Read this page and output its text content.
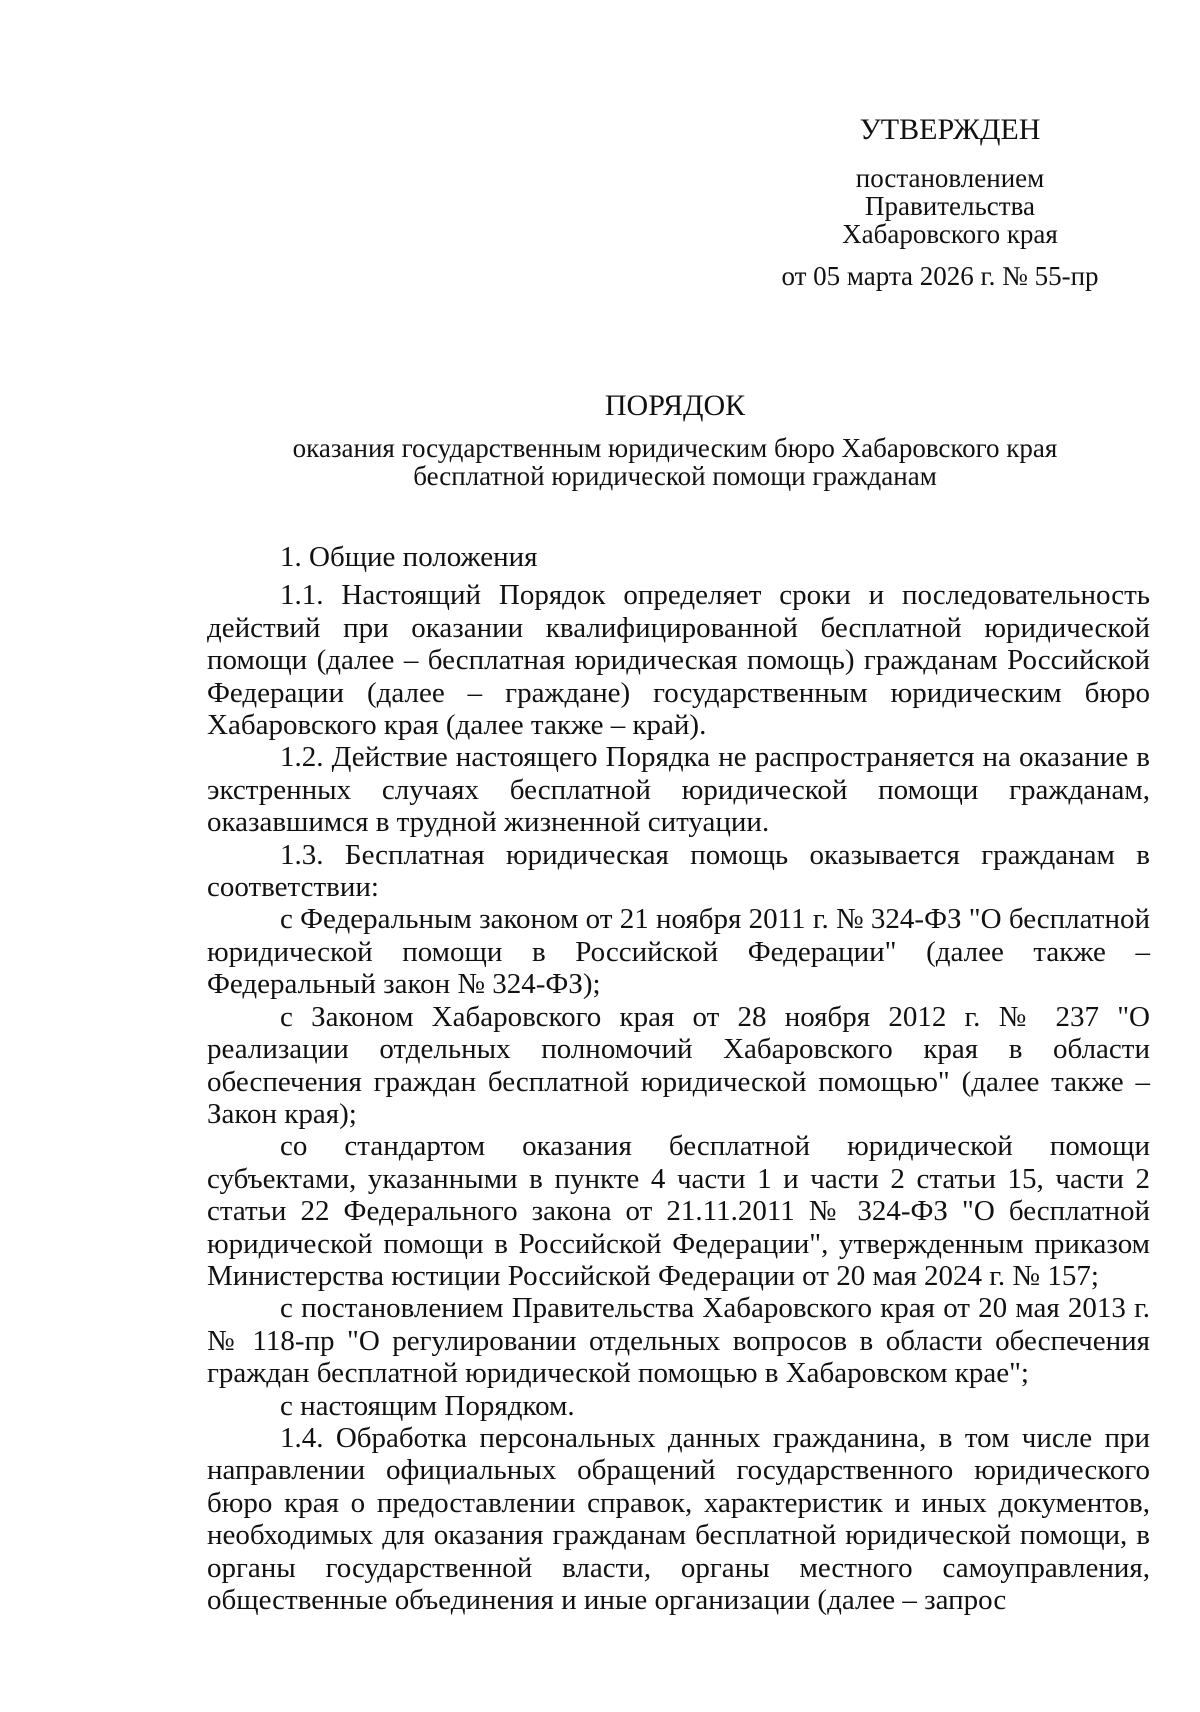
УТВЕРЖДЕН
постановлением
Правительства
Хабаровского края
от 05 марта 2026 г. № 55-пр
ПОРЯДОК
оказания государственным юридическим бюро Хабаровского края
бесплатной юридической помощи гражданам

1. Общие положения

1.1. Настоящий Порядок определяет сроки и последовательность действий при оказании квалифицированной бесплатной юридической помощи (далее – бесплатная юридическая помощь) гражданам Российской Федерации (далее – граждане) государственным юридическим бюро Хабаровского края (далее также – край).

1.2. Действие настоящего Порядка не распространяется на оказание в экстренных случаях бесплатной юридической помощи гражданам, оказавшимся в трудной жизненной ситуации.

1.3. Бесплатная юридическая помощь оказывается гражданам в соответствии:

с Федеральным законом от 21 ноября 2011 г. № 324-ФЗ "О бесплатной юридической помощи в Российской Федерации" (далее также – Федеральный закон № 324-ФЗ);

с Законом Хабаровского края от 28 ноября 2012 г. № 237 "О реализации отдельных полномочий Хабаровского края в области обеспечения граждан бесплатной юридической помощью" (далее также – Закон края);

со стандартом оказания бесплатной юридической помощи субъектами, указанными в пункте 4 части 1 и части 2 статьи 15, части 2 статьи 22 Федерального закона от 21.11.2011 № 324-ФЗ "О бесплатной юридической помощи в Российской Федерации", утвержденным приказом Министерства юстиции Российской Федерации от 20 мая 2024 г. № 157;

с постановлением Правительства Хабаровского края от 20 мая 2013 г. № 118-пр "О регулировании отдельных вопросов в области обеспечения граждан бесплатной юридической помощью в Хабаровском крае";

с настоящим Порядком.

1.4. Обработка персональных данных гражданина, в том числе при направлении официальных обращений государственного юридического бюро края о предоставлении справок, характеристик и иных документов, необходимых для оказания гражданам бесплатной юридической помощи, в органы государственной власти, органы местного самоуправления, общественные объединения и иные организации (далее – запрос
